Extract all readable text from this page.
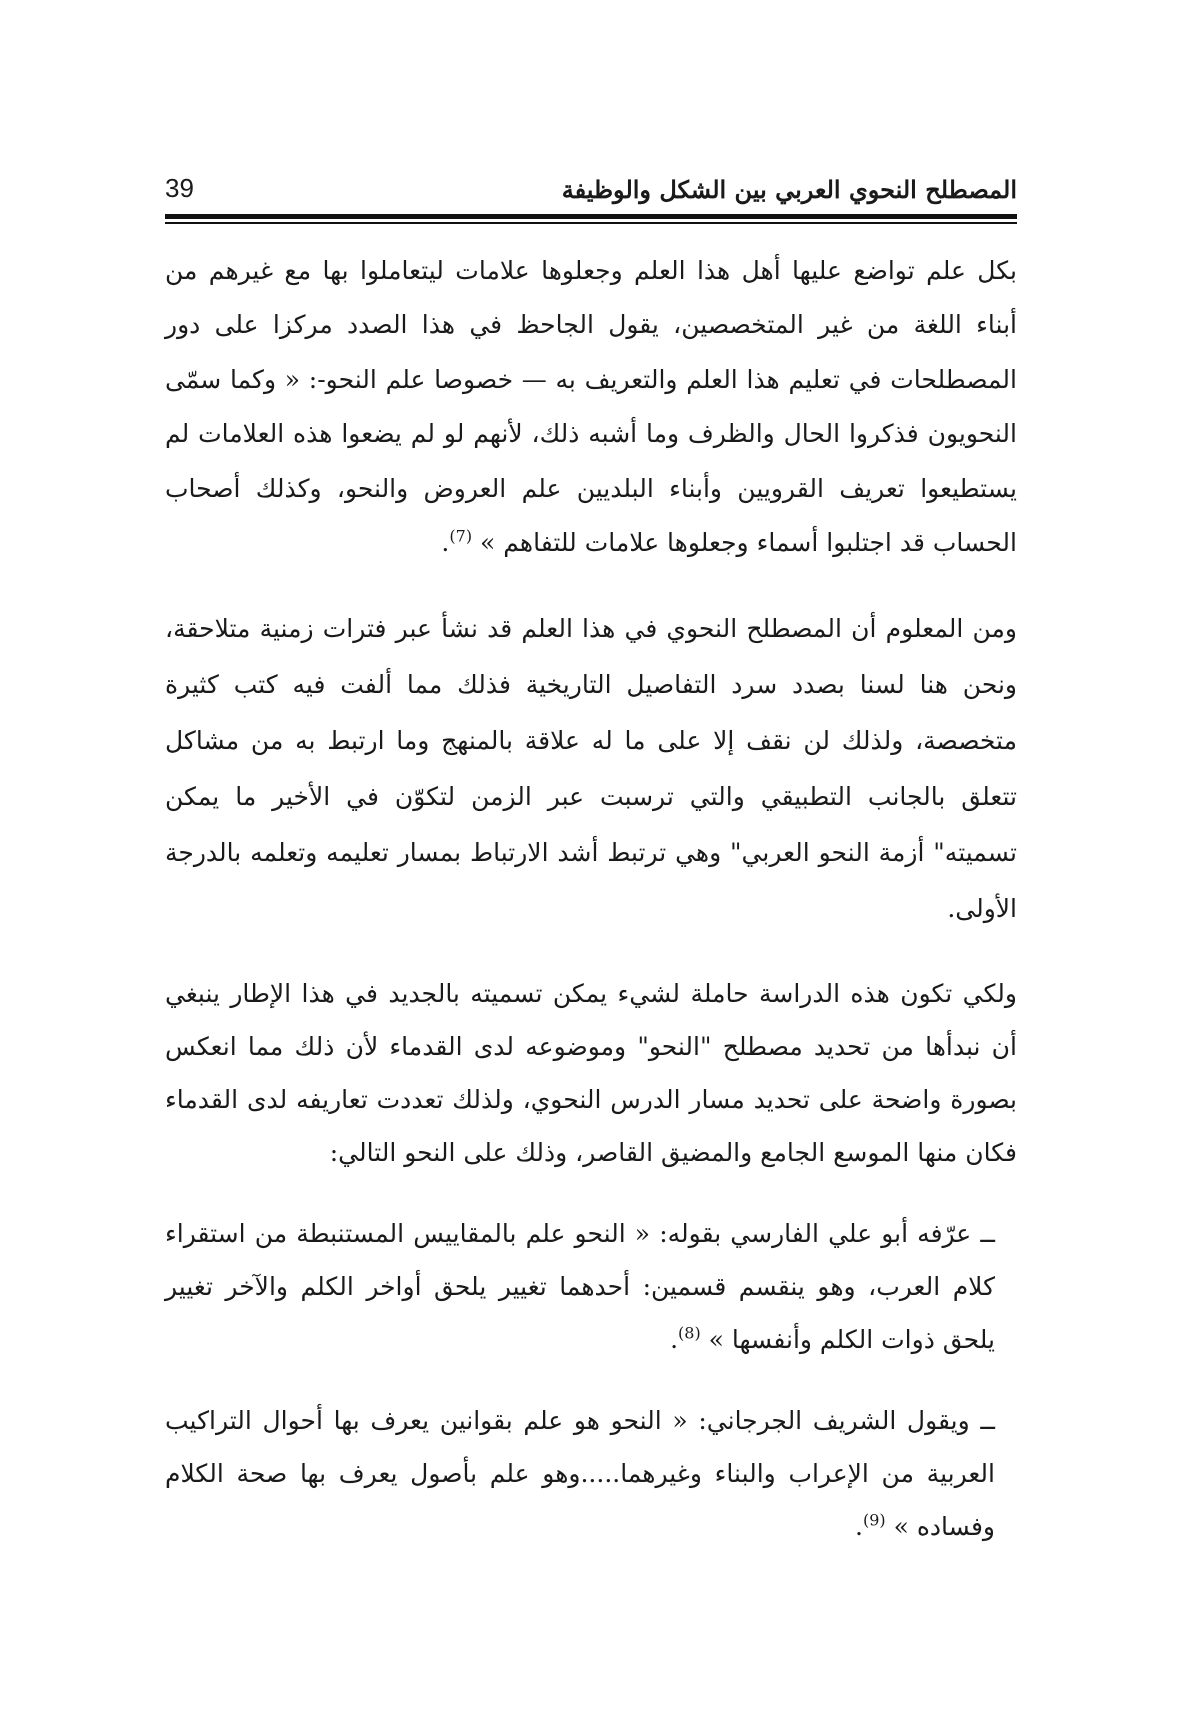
المصطلح النحوي العربي بين الشكل والوظيفة
39

بكل علم تواضع عليها أهل هذا العلم وجعلوها علامات ليتعاملوا بها مع غيرهم من أبناء اللغة من غير المتخصصين، يقول الجاحظ في هذا الصدد مركزا على دور المصطلحات في تعليم هذا العلم والتعريف به — خصوصا علم النحو-: « وكما سمّى النحويون فذكروا الحال والظرف وما أشبه ذلك، لأنهم لو لم يضعوا هذه العلامات لم يستطيعوا تعريف القرويين وأبناء البلديين علم العروض والنحو، وكذلك أصحاب الحساب قد اجتلبوا أسماء وجعلوها علامات للتفاهم » $^{(7)}$.

ومن المعلوم أن المصطلح النحوي في هذا العلم قد نشأ عبر فترات زمنية متلاحقة، ونحن هنا لسنا بصدد سرد التفاصيل التاريخية فذلك مما ألفت فيه كتب كثيرة متخصصة، ولذلك لن نقف إلا على ما له علاقة بالمنهج وما ارتبط به من مشاكل تتعلق بالجانب التطبيقي والتي ترسبت عبر الزمن لتكوّن في الأخير ما يمكن تسميته" أزمة النحو العربي" وهي ترتبط أشد الارتباط بمسار تعليمه وتعلمه بالدرجة الأولى.

ولكي تكون هذه الدراسة حاملة لشيء يمكن تسميته بالجديد في هذا الإطار ينبغي أن نبدأها من تحديد مصطلح "النحو" وموضوعه لدى القدماء لأن ذلك مما انعكس بصورة واضحة على تحديد مسار الدرس النحوي، ولذلك تعددت تعاريفه لدى القدماء فكان منها الموسع الجامع والمضيق القاصر، وذلك على النحو التالي:

ــ عرّفه أبو علي الفارسي بقوله: « النحو علم بالمقاييس المستنبطة من استقراء كلام العرب، وهو ينقسم قسمين: أحدهما تغيير يلحق أواخر الكلم والآخر تغيير يلحق ذوات الكلم وأنفسها » $^{(8)}$.

ــ ويقول الشريف الجرجاني: « النحو هو علم بقوانين يعرف بها أحوال التراكيب العربية من الإعراب والبناء وغيرهما.....وهو علم بأصول يعرف بها صحة الكلام وفساده » $^{(9)}$.
